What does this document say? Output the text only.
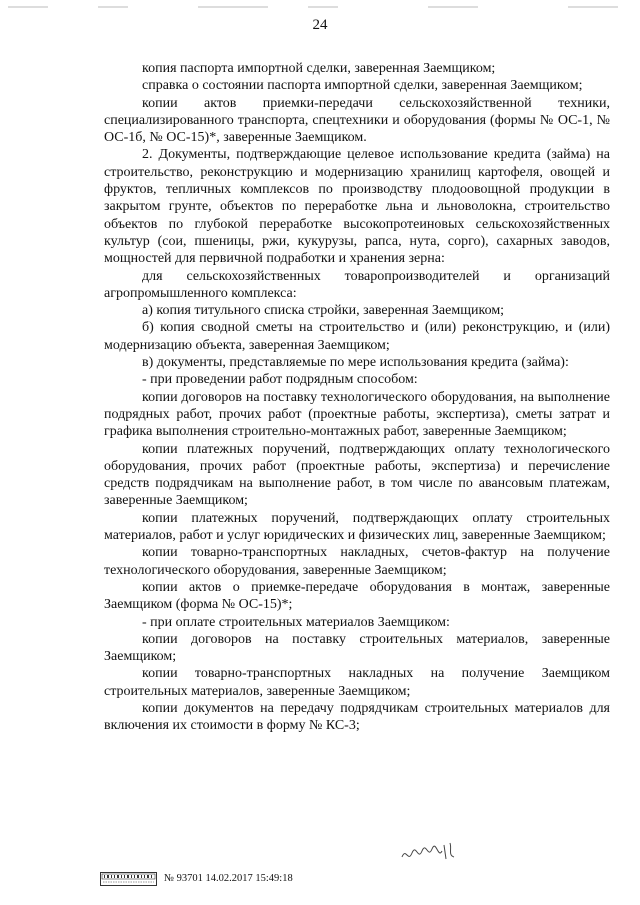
24

копия паспорта импортной сделки, заверенная Заемщиком;

справка о состоянии паспорта импортной сделки, заверенная Заемщиком;

копии актов приемки-передачи сельскохозяйственной техники, специализированного транспорта, спецтехники и оборудования (формы № ОС-1, № ОС-1б, № ОС-15)*, заверенные Заемщиком.

2. Документы, подтверждающие целевое использование кредита (займа) на строительство, реконструкцию и модернизацию хранилищ картофеля, овощей и фруктов, тепличных комплексов по производству плодоовощной продукции в закрытом грунте, объектов по переработке льна и льноволокна, строительство объектов по глубокой переработке высокопротеиновых сельскохозяйственных культур (сои, пшеницы, ржи, кукурузы, рапса, нута, сорго), сахарных заводов, мощностей для первичной подработки и хранения зерна:

для сельскохозяйственных товаропроизводителей и организаций агропромышленного комплекса:

а) копия титульного списка стройки, заверенная Заемщиком;

б) копия сводной сметы на строительство и (или) реконструкцию, и (или) модернизацию объекта, заверенная Заемщиком;

в) документы, представляемые по мере использования кредита (займа):

- при проведении работ подрядным способом:

копии договоров на поставку технологического оборудования, на выполнение подрядных работ, прочих работ (проектные работы, экспертиза), сметы затрат и графика выполнения строительно-монтажных работ, заверенные Заемщиком;

копии платежных поручений, подтверждающих оплату технологического оборудования, прочих работ (проектные работы, экспертиза) и перечисление средств подрядчикам на выполнение работ, в том числе по авансовым платежам, заверенные Заемщиком;

копии платежных поручений, подтверждающих оплату строительных материалов, работ и услуг юридических и физических лиц, заверенные Заемщиком;

копии товарно-транспортных накладных, счетов-фактур на получение технологического оборудования, заверенные Заемщиком;

копии актов о приемке-передаче оборудования в монтаж, заверенные Заемщиком (форма № ОС-15)*;

- при оплате строительных материалов Заемщиком:

копии договоров на поставку строительных материалов, заверенные Заемщиком;

копии товарно-транспортных накладных на получение Заемщиком строительных материалов, заверенные Заемщиком;

копии документов на передачу подрядчикам строительных материалов для включения их стоимости в форму № КС-3;

№ 93701 14.02.2017 15:49:18
